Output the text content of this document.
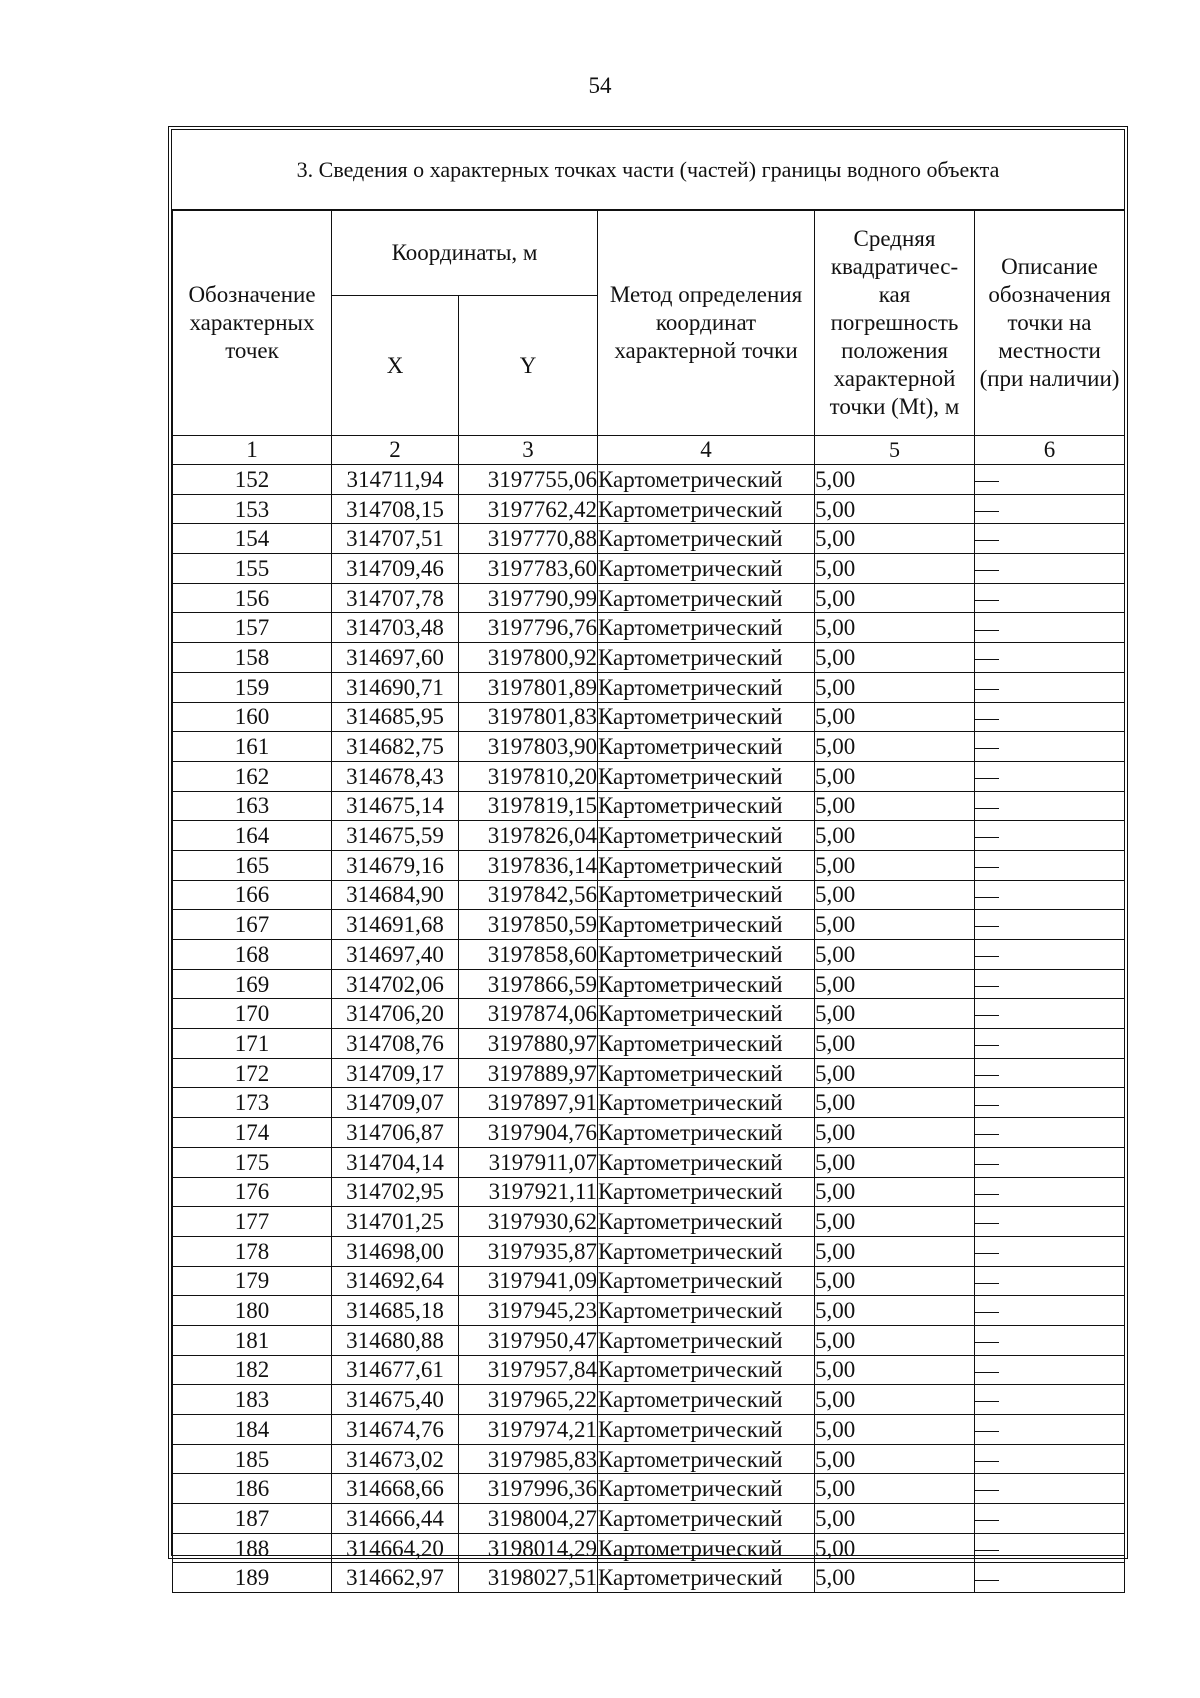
54
3. Сведения о характерных точках части (частей) границы водного объекта
Обозначение характерных точек	Координаты, м		Метод определения координат характерной точки	Средняя
квадратичес-
кая погрешность положения характерной точки (Mt), м	Описание обозначения точки на местности (при наличии)
	X	Y			
1	2	3	4	5	6
152	314711,94	3197755,06	Картометрический	5,00	
153	314708,15	3197762,42	Картометрический	5,00	
154	314707,51	3197770,88	Картометрический	5,00	
155	314709,46	3197783,60	Картометрический	5,00	
156	314707,78	3197790,99	Картометрический	5,00	
157	314703,48	3197796,76	Картометрический	5,00	
158	314697,60	3197800,92	Картометрический	5,00	
159	314690,71	3197801,89	Картометрический	5,00	
160	314685,95	3197801,83	Картометрический	5,00	
161	314682,75	3197803,90	Картометрический	5,00	
162	314678,43	3197810,20	Картометрический	5,00	
163	314675,14	3197819,15	Картометрический	5,00	
164	314675,59	3197826,04	Картометрический	5,00	
165	314679,16	3197836,14	Картометрический	5,00	
166	314684,90	3197842,56	Картометрический	5,00	
167	314691,68	3197850,59	Картометрический	5,00	
168	314697,40	3197858,60	Картометрический	5,00	
169	314702,06	3197866,59	Картометрический	5,00	
170	314706,20	3197874,06	Картометрический	5,00	
171	314708,76	3197880,97	Картометрический	5,00	
172	314709,17	3197889,97	Картометрический	5,00	
173	314709,07	3197897,91	Картометрический	5,00	
174	314706,87	3197904,76	Картометрический	5,00	
175	314704,14	3197911,07	Картометрический	5,00	
176	314702,95	3197921,11	Картометрический	5,00	
177	314701,25	3197930,62	Картометрический	5,00	
178	314698,00	3197935,87	Картометрический	5,00	
179	314692,64	3197941,09	Картометрический	5,00	
180	314685,18	3197945,23	Картометрический	5,00	
181	314680,88	3197950,47	Картометрический	5,00	
182	314677,61	3197957,84	Картометрический	5,00	
183	314675,40	3197965,22	Картометрический	5,00	
184	314674,76	3197974,21	Картометрический	5,00	
185	314673,02	3197985,83	Картометрический	5,00	
186	314668,66	3197996,36	Картометрический	5,00	
187	314666,44	3198004,27	Картометрический	5,00	
188	314664,20	3198014,29	Картометрический	5,00	
189	314662,97	3198027,51	Картометрический	5,00	
